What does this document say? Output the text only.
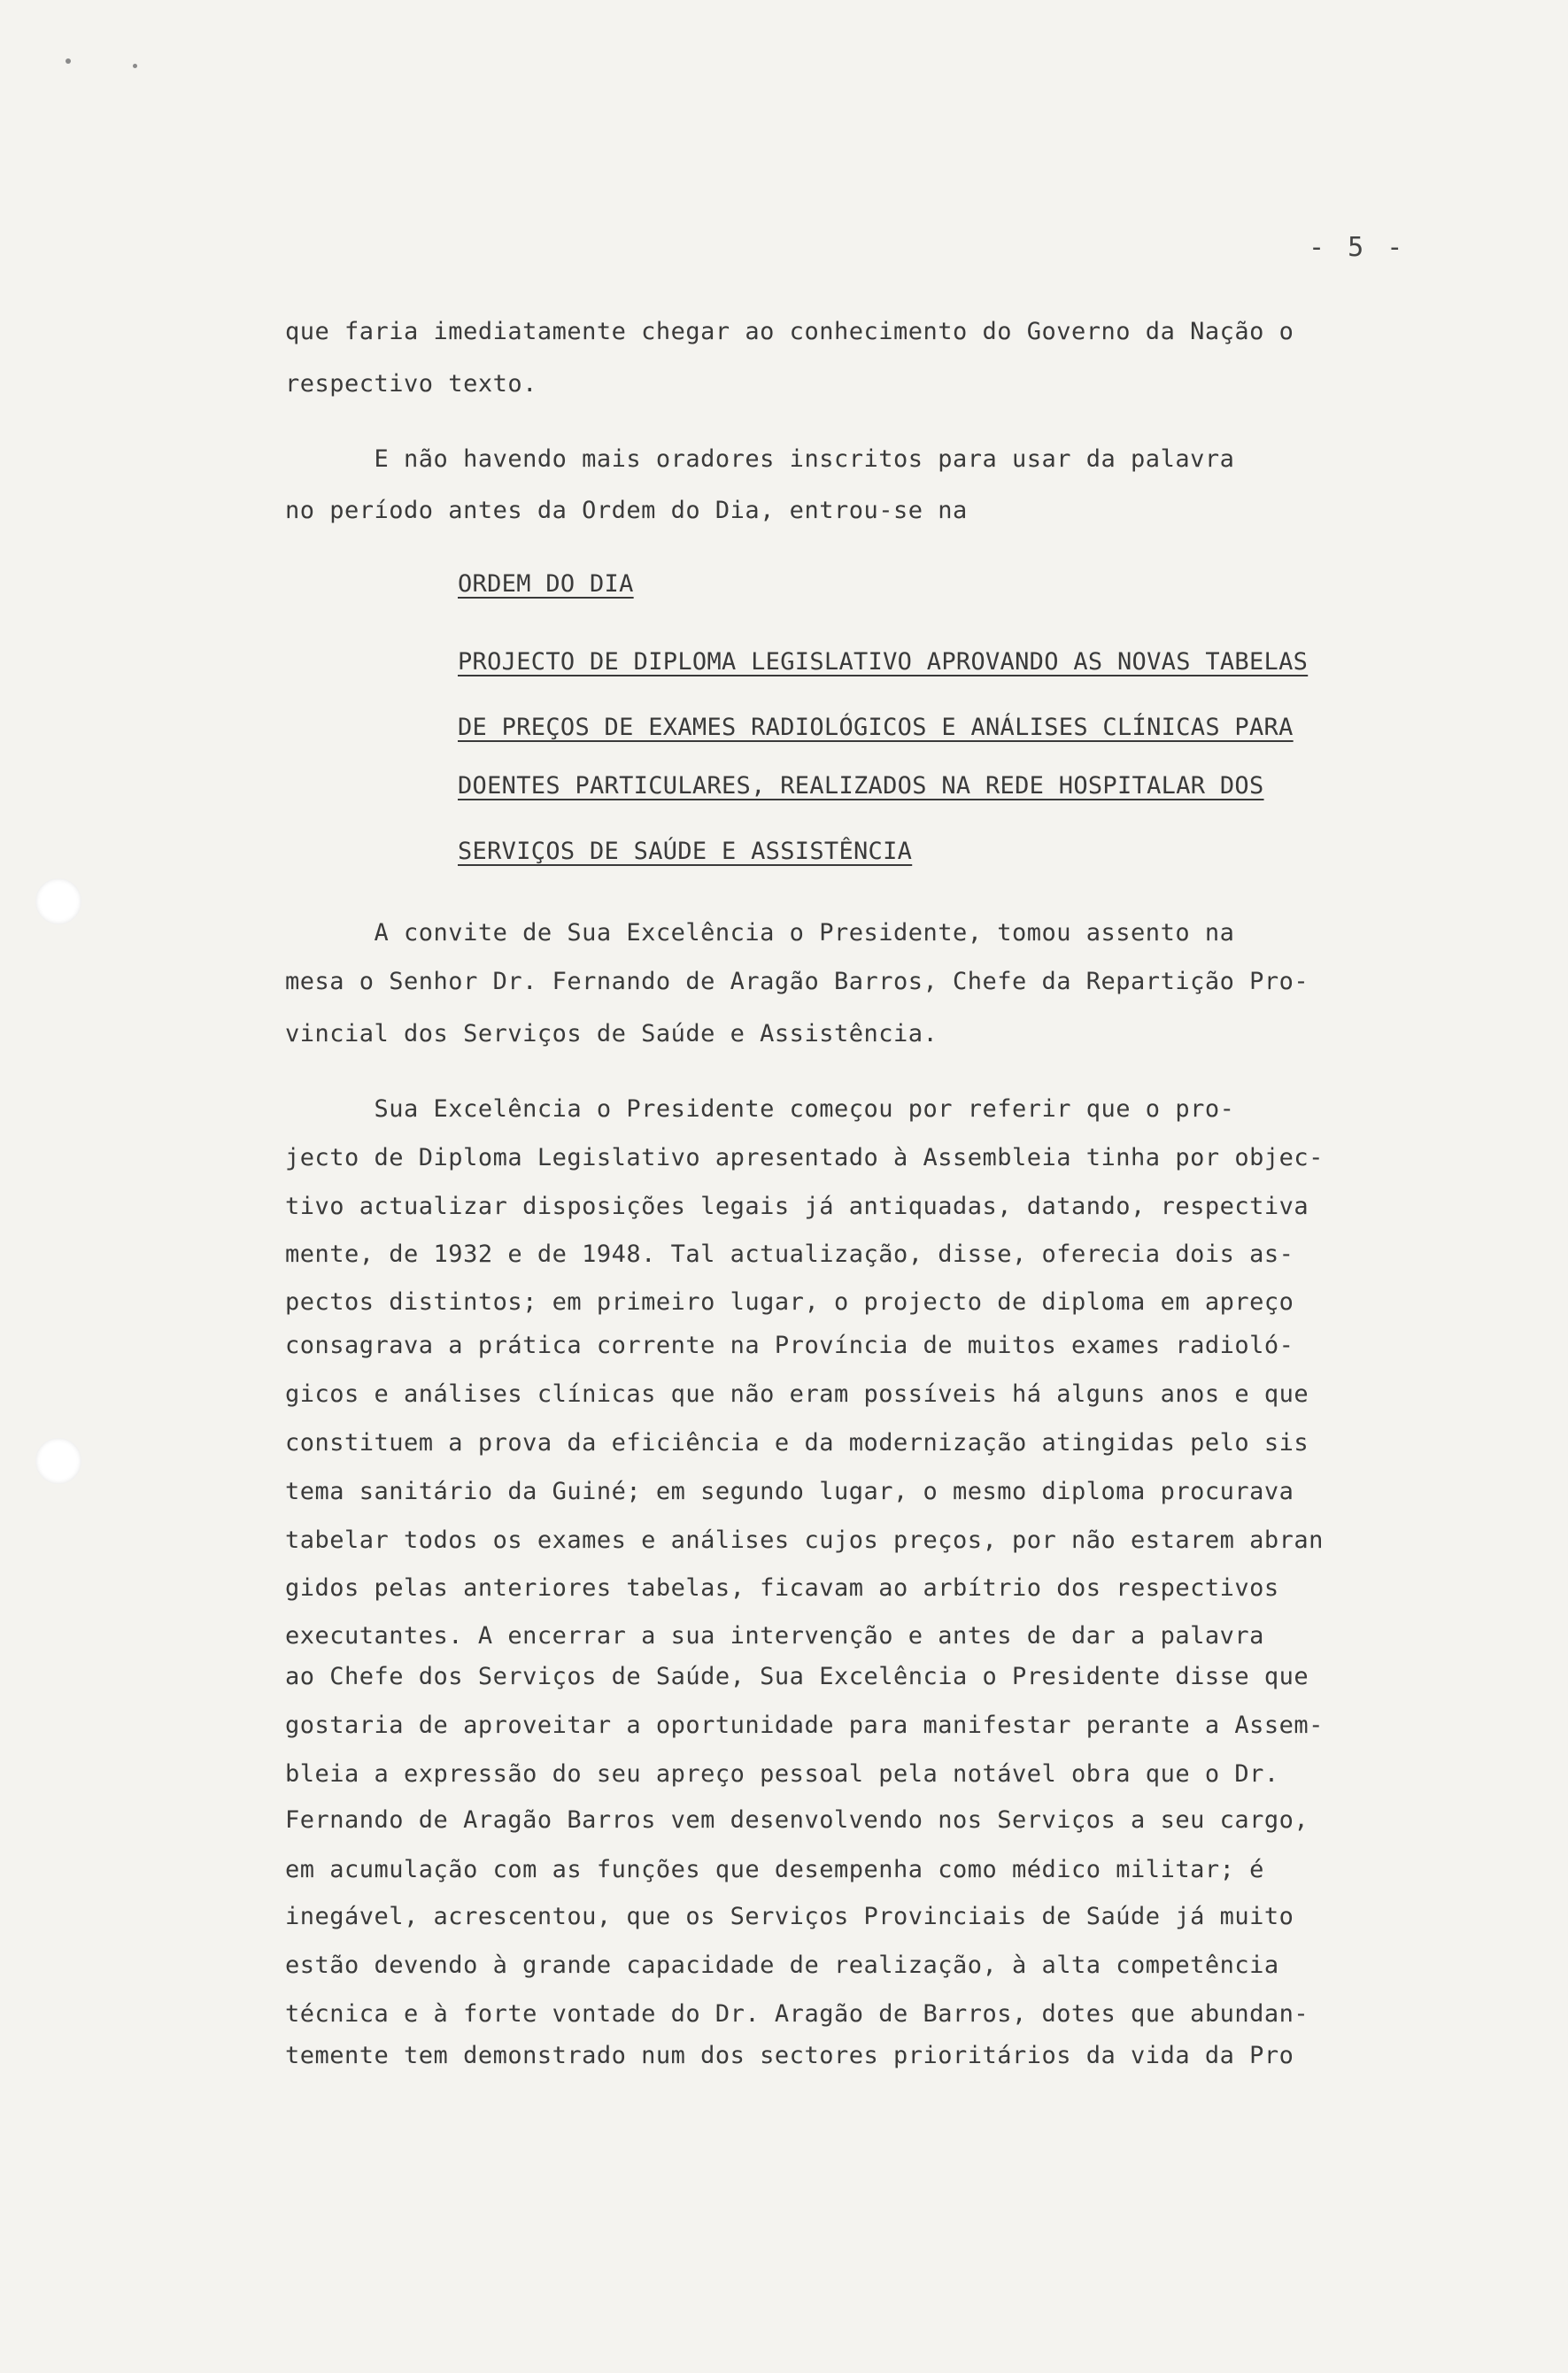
- 5 -
que faria imediatamente chegar ao conhecimento do Governo da Nação o
respectivo texto.
E não havendo mais oradores inscritos para usar da palavra
no período antes da Ordem do Dia, entrou-se na
ORDEM DO DIA
PROJECTO DE DIPLOMA LEGISLATIVO APROVANDO AS NOVAS TABELAS
DE PREÇOS DE EXAMES RADIOLÓGICOS E ANÁLISES CLÍNICAS PARA
DOENTES PARTICULARES, REALIZADOS NA REDE HOSPITALAR DOS
SERVIÇOS DE SAÚDE E ASSISTÊNCIA
A convite de Sua Excelência o Presidente, tomou assento na
mesa o Senhor Dr. Fernando de Aragão Barros, Chefe da Repartição Pro-
vincial dos Serviços de Saúde e Assistência.
Sua Excelência o Presidente começou por referir que o pro-
jecto de Diploma Legislativo apresentado à Assembleia tinha por objec-
tivo actualizar disposições legais já antiquadas, datando, respectiva
mente, de 1932 e de 1948. Tal actualização, disse, oferecia dois as-
pectos distintos; em primeiro lugar, o projecto de diploma em apreço
consagrava a prática corrente na Província de muitos exames radioló-
gicos e análises clínicas que não eram possíveis há alguns anos e que
constituem a prova da eficiência e da modernização atingidas pelo sis
tema sanitário da Guiné; em segundo lugar, o mesmo diploma procurava
tabelar todos os exames e análises cujos preços, por não estarem abran
gidos pelas anteriores tabelas, ficavam ao arbítrio dos respectivos
executantes. A encerrar a sua intervenção e antes de dar a palavra
ao Chefe dos Serviços de Saúde, Sua Excelência o Presidente disse que
gostaria de aproveitar a oportunidade para manifestar perante a Assem-
bleia a expressão do seu apreço pessoal pela notável obra que o Dr.
Fernando de Aragão Barros vem desenvolvendo nos Serviços a seu cargo,
em acumulação com as funções que desempenha como médico militar; é
inegável, acrescentou, que os Serviços Provinciais de Saúde já muito
estão devendo à grande capacidade de realização, à alta competência
técnica e à forte vontade do Dr. Aragão de Barros, dotes que abundan-
temente tem demonstrado num dos sectores prioritários da vida da Pro
